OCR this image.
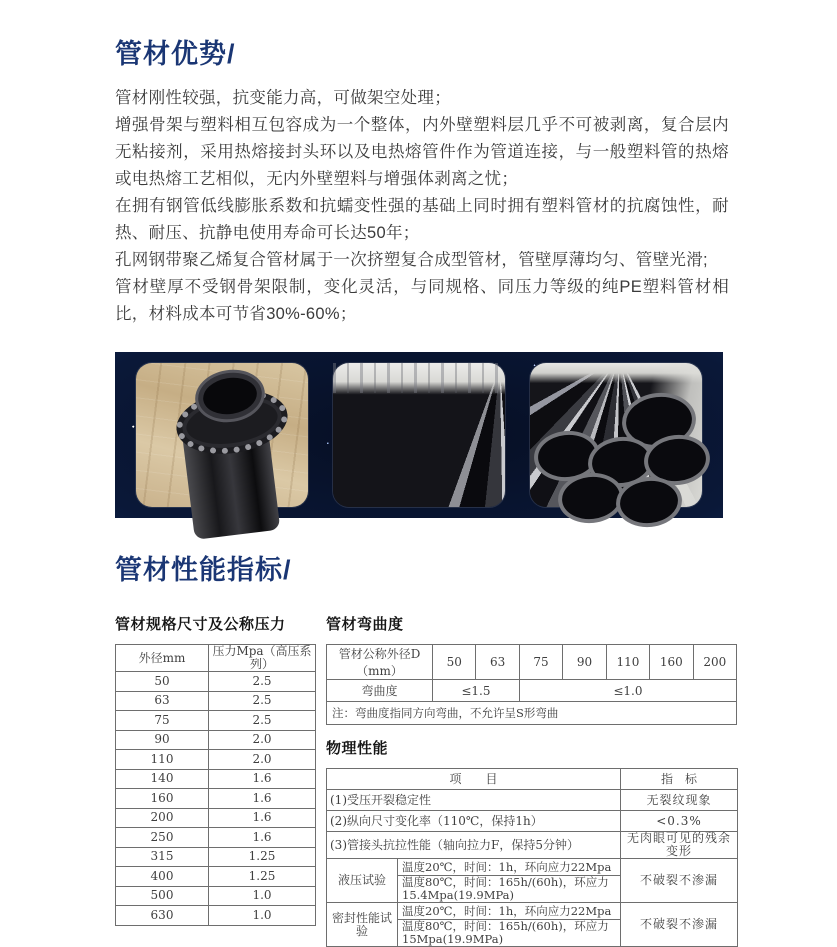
管材优势/

管材刚性较强，抗变能力高，可做架空处理；

增强骨架与塑料相互包容成为一个整体，内外壁塑料层几乎不可被剥离，复合层内无粘接剂，采用热熔接封头环以及电热熔管件作为管道连接，与一般塑料管的热熔或电热熔工艺相似，无内外壁塑料与增强体剥离之忧；

在拥有钢管低线膨胀系数和抗蠕变性强的基础上同时拥有塑料管材的抗腐蚀性，耐热、耐压、抗静电使用寿命可长达50年；

孔网钢带聚乙烯复合管材属于一次挤塑复合成型管材，管壁厚薄均匀、管壁光滑;

管材壁厚不受钢骨架限制，变化灵活，与同规格、同压力等级的纯PE塑料管材相比，材料成本可节省30%-60%；

管材性能指标/
管材规格尺寸及公称压力
外径mm	压力Mpa（高压系列）
50	2.5
63	2.5
75	2.5
90	2.0
110	2.0
140	1.6
160	1.6
200	1.6
250	1.6
315	1.25
400	1.25
500	1.0
630	1.0
管材弯曲度
管材公称外径D（mm）	50	63	75	90	110	160	200
弯曲度	≤1.5		≤1.0				
注：弯曲度指同方向弯曲，不允许呈S形弯曲							
物理性能
项　　目		指　标
(1)受压开裂稳定性		无裂纹现象
(2)纵向尺寸变化率（110℃，保持1h）		<0.3%
(3)管接头抗拉性能（轴向拉力F，保持5分钟）		无肉眼可见的残余变形
液压试验	温度20℃，时间：1h，环向应力22Mpa	不破裂不渗漏
	温度80℃，时间：165h/(60h)，环应力15.4Mpa(19.9MPa)	
密封性能试验	温度20℃，时间：1h，环向应力22Mpa	不破裂不渗漏
	温度80℃，时间：165h/(60h)，环应力15Mpa(19.9MPa)	
